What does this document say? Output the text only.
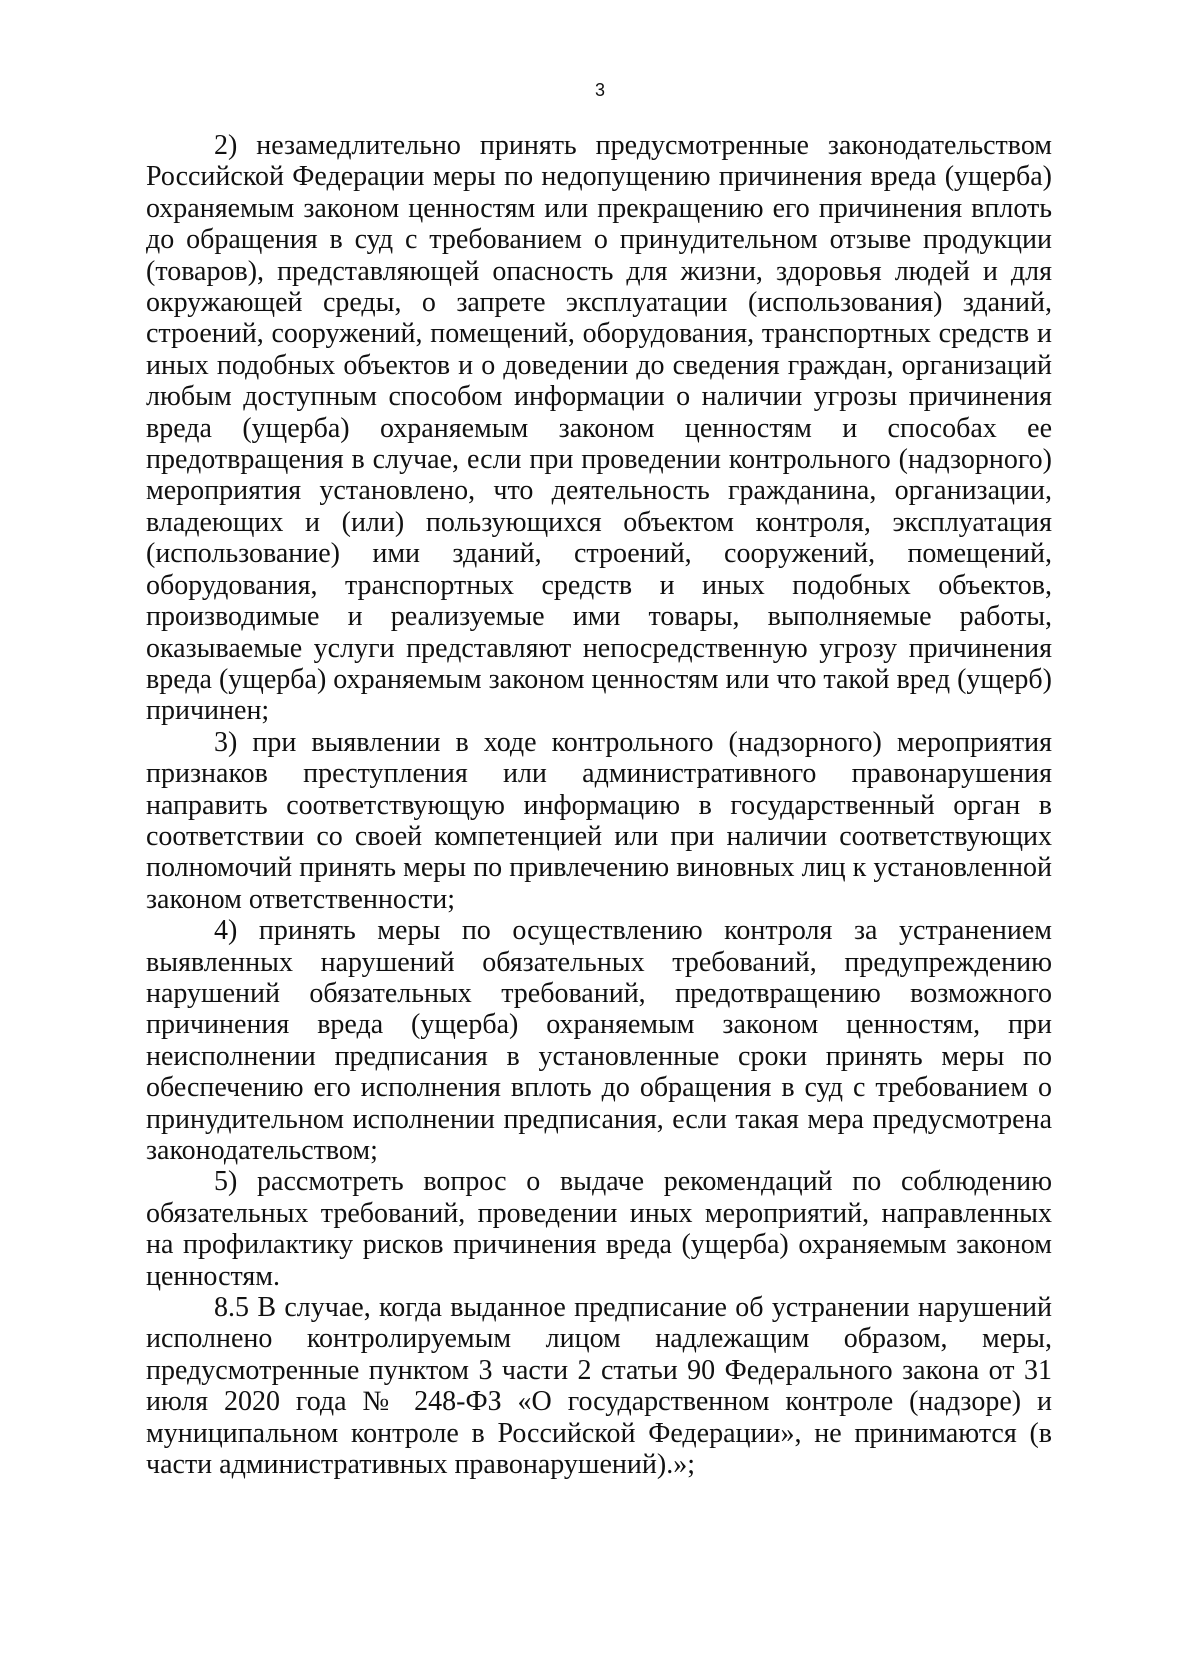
3

2) незамедлительно принять предусмотренные законодательством Российской Федерации меры по недопущению причинения вреда (ущерба) охраняемым законом ценностям или прекращению его причинения вплоть до обращения в суд с требованием о принудительном отзыве продукции (товаров), представляющей опасность для жизни, здоровья людей и для окружающей среды, о запрете эксплуатации (использования) зданий, строений, сооружений, помещений, оборудования, транспортных средств и иных подобных объектов и о доведении до сведения граждан, организаций любым доступным способом информации о наличии угрозы причинения вреда (ущерба) охраняемым законом ценностям и способах ее предотвращения в случае, если при проведении контрольного (надзорного) мероприятия установлено, что деятельность гражданина, организации, владеющих и (или) пользующихся объектом контроля, эксплуатация (использование) ими зданий, строений, сооружений, помещений, оборудования, транспортных средств и иных подобных объектов, производимые и реализуемые ими товары, выполняемые работы, оказываемые услуги представляют непосредственную угрозу причинения вреда (ущерба) охраняемым законом ценностям или что такой вред (ущерб) причинен;

3) при выявлении в ходе контрольного (надзорного) мероприятия признаков преступления или административного правонарушения направить соответствующую информацию в государственный орган в соответствии со своей компетенцией или при наличии соответствующих полномочий принять меры по привлечению виновных лиц к установленной законом ответственности;

4) принять меры по осуществлению контроля за устранением выявленных нарушений обязательных требований, предупреждению нарушений обязательных требований, предотвращению возможного причинения вреда (ущерба) охраняемым законом ценностям, при неисполнении предписания в установленные сроки принять меры по обеспечению его исполнения вплоть до обращения в суд с требованием о принудительном исполнении предписания, если такая мера предусмотрена законодательством;

5) рассмотреть вопрос о выдаче рекомендаций по соблюдению обязательных требований, проведении иных мероприятий, направленных на профилактику рисков причинения вреда (ущерба) охраняемым законом ценностям.

8.5 В случае, когда выданное предписание об устранении нарушений исполнено контролируемым лицом надлежащим образом, меры, предусмотренные пунктом 3 части 2 статьи 90 Федерального закона от 31 июля 2020 года № 248-ФЗ «О государственном контроле (надзоре) и муниципальном контроле в Российской Федерации», не принимаются (в части административных правонарушений).»;
